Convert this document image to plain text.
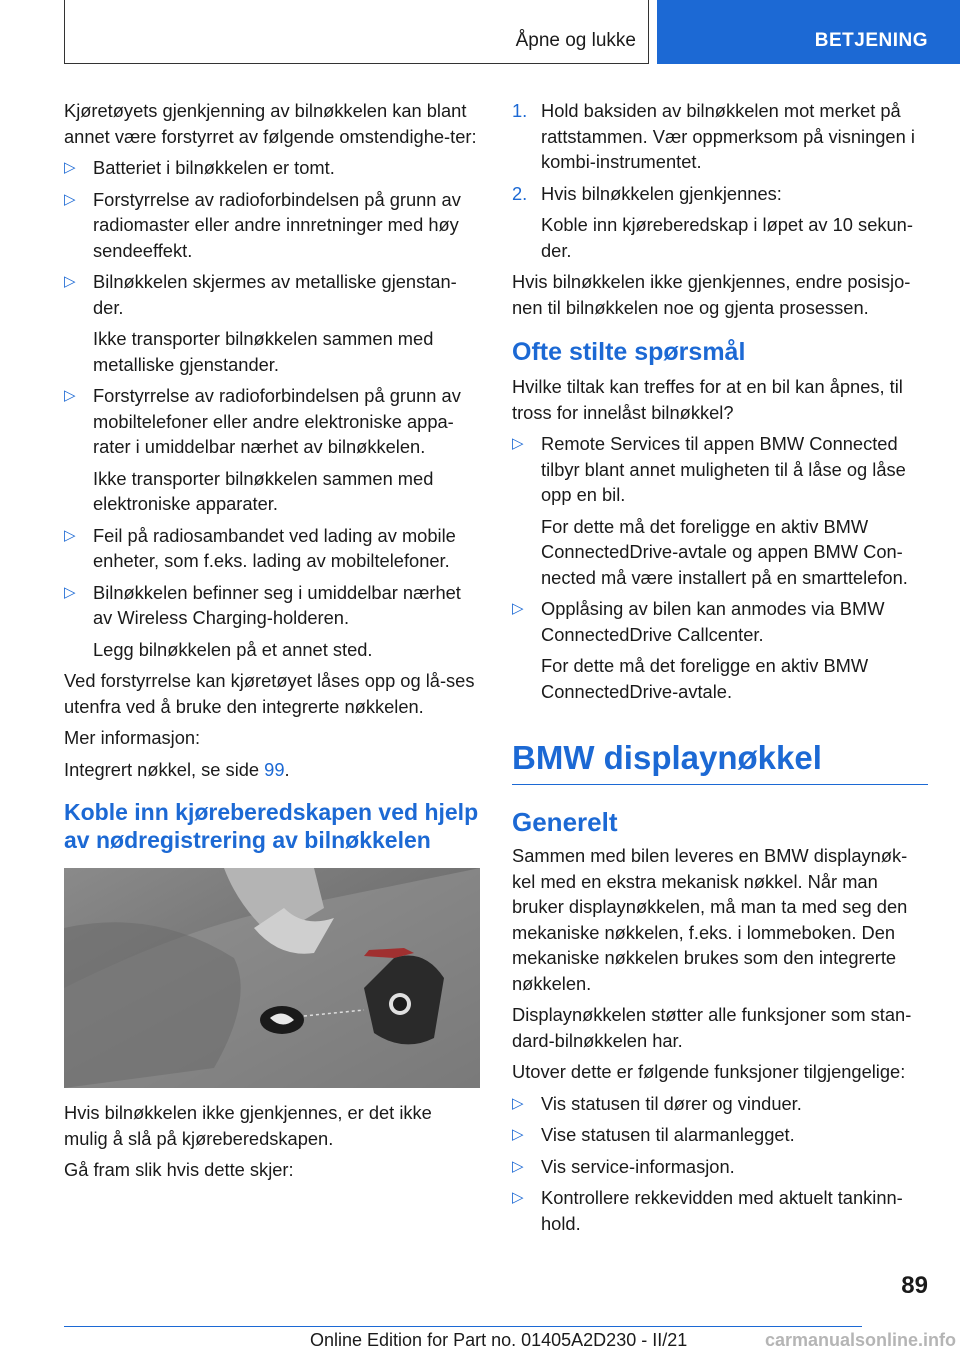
Åpne og lukke	BETJENING

Kjøretøyets gjenkjenning av bilnøkkelen kan blant annet være forstyrret av følgende omstendighe-ter:

▷ Batteriet i bilnøkkelen er tomt.
▷ Forstyrrelse av radioforbindelsen på grunn av radiomaster eller andre innretninger med høy sendeeffekt.
▷ Bilnøkkelen skjermes av metalliske gjenstan-der.
Ikke transporter bilnøkkelen sammen med metalliske gjenstander.
▷ Forstyrrelse av radioforbindelsen på grunn av mobiltelefoner eller andre elektroniske appa-rater i umiddelbar nærhet av bilnøkkelen.
Ikke transporter bilnøkkelen sammen med elektroniske apparater.
▷ Feil på radiosambandet ved lading av mobile enheter, som f.eks. lading av mobiltelefoner.
▷ Bilnøkkelen befinner seg i umiddelbar nærhet av Wireless Charging-holderen.
Legg bilnøkkelen på et annet sted.

Ved forstyrrelse kan kjøretøyet låses opp og lå-ses utenfra ved å bruke den integrerte nøkkelen.

Mer informasjon:

Integrert nøkkel, se side 99.

Koble inn kjøreberedskapen ved hjelp av nødregistrering av bilnøkkelen

Hvis bilnøkkelen ikke gjenkjennes, er det ikke mulig å slå på kjøreberedskapen.

Gå fram slik hvis dette skjer:

1. Hold baksiden av bilnøkkelen mot merket på rattstammen. Vær oppmerksom på visningen i kombi-instrumentet.
2. Hvis bilnøkkelen gjenkjennes:
Koble inn kjøreberedskap i løpet av 10 sekun-der.

Hvis bilnøkkelen ikke gjenkjennes, endre posisjo-nen til bilnøkkelen noe og gjenta prosessen.

Ofte stilte spørsmål

Hvilke tiltak kan treffes for at en bil kan åpnes, til tross for innelåst bilnøkkel?

▷ Remote Services til appen BMW Connected tilbyr blant annet muligheten til å låse og låse opp en bil.
For dette må det foreligge en aktiv BMW ConnectedDrive-avtale og appen BMW Con-nected må være installert på en smarttelefon.
▷ Opplåsing av bilen kan anmodes via BMW ConnectedDrive Callcenter.
For dette må det foreligge en aktiv BMW ConnectedDrive-avtale.
BMW displaynøkkel
Generelt

Sammen med bilen leveres en BMW displaynøk-kel med en ekstra mekanisk nøkkel. Når man bruker displaynøkkelen, må man ta med seg den mekaniske nøkkelen, f.eks. i lommeboken. Den mekaniske nøkkelen brukes som den integrerte nøkkelen.

Displaynøkkelen støtter alle funksjoner som stan-dard-bilnøkkelen har.

Utover dette er følgende funksjoner tilgjengelige:

▷ Vis statusen til dører og vinduer.
▷ Vise statusen til alarmanlegget.
▷ Vis service-informasjon.
▷ Kontrollere rekkevidden med aktuelt tankinn-hold.
89
Online Edition for Part no. 01405A2D230 - II/21	carmanualsonline.info
